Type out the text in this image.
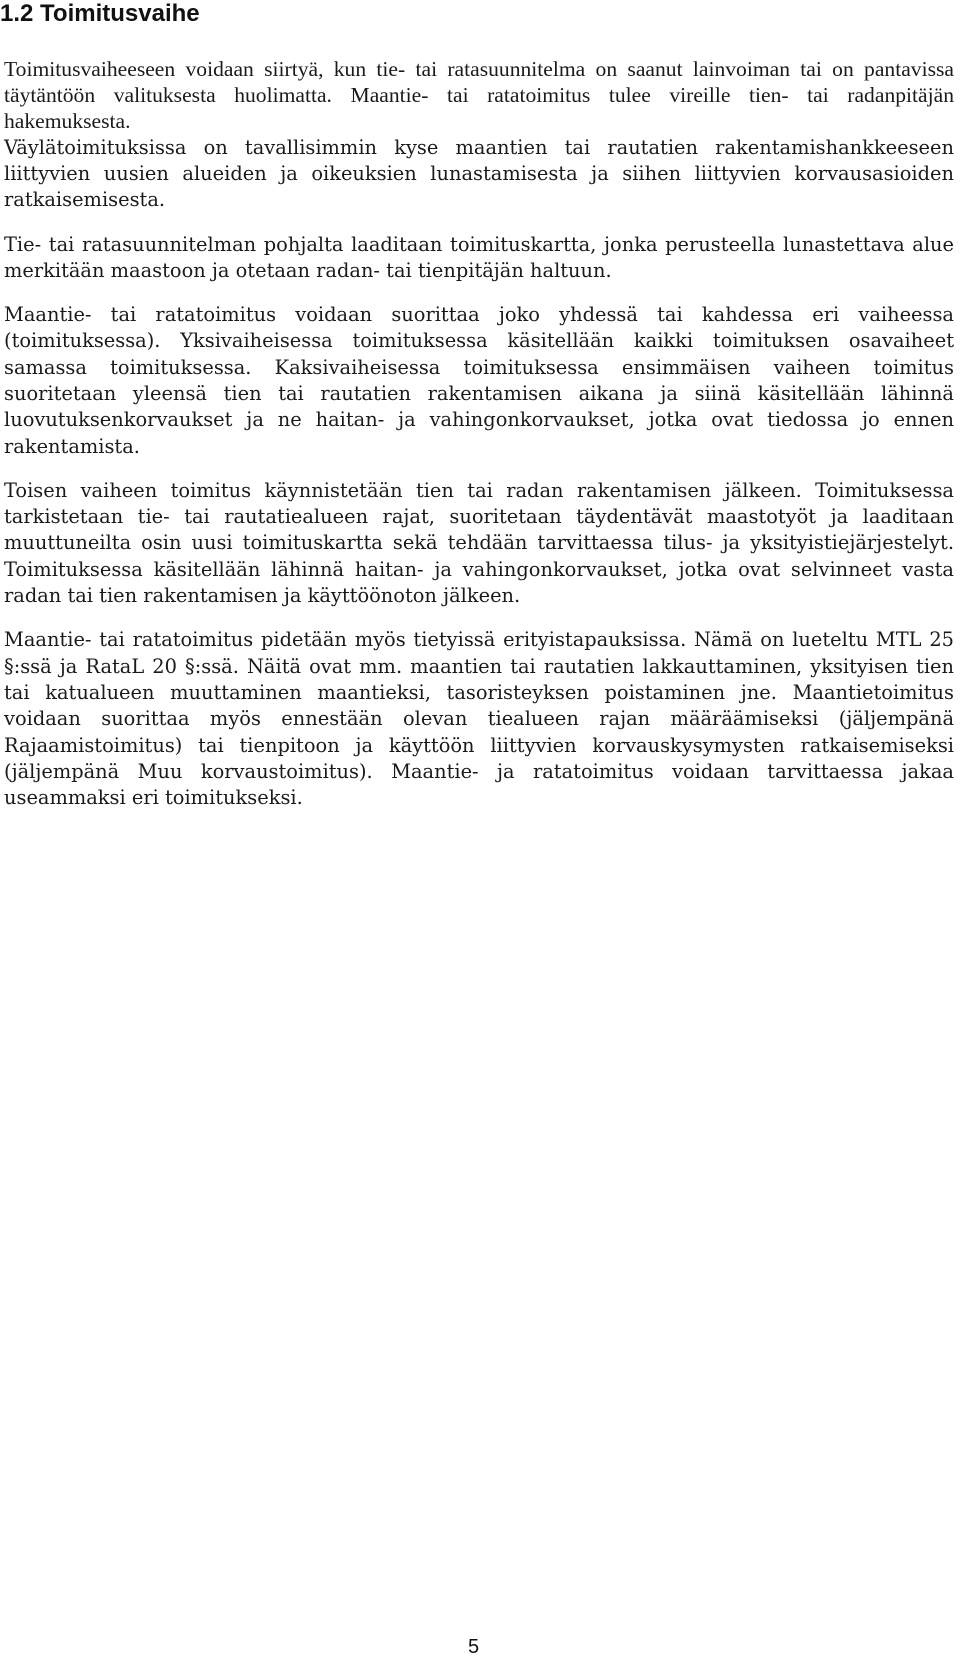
1.2 Toimitusvaihe

Toimitusvaiheeseen voidaan siirtyä, kun tie- tai ratasuunnitelma on saanut lainvoiman tai on pantavissa täytäntöön valituksesta huolimatta. Maantie- tai ratatoimitus tulee vireille tien- tai radanpitäjän hakemuksesta.

Väylätoimituksissa on tavallisimmin kyse maantien tai rautatien rakentamishankkeeseen liittyvien uusien alueiden ja oikeuksien lunastamisesta ja siihen liittyvien korvausasioiden ratkaisemisesta.

Tie- tai ratasuunnitelman pohjalta laaditaan toimituskartta, jonka perusteella lunastettava alue merkitään maastoon ja otetaan radan- tai tienpitäjän haltuun.

Maantie- tai ratatoimitus voidaan suorittaa joko yhdessä tai kahdessa eri vaiheessa (toimituksessa). Yksivaiheisessa toimituksessa käsitellään kaikki toimituksen osavaiheet samassa toimituksessa. Kaksivaiheisessa toimituksessa ensimmäisen vaiheen toimitus suoritetaan yleensä tien tai rautatien rakentamisen aikana ja siinä käsitellään lähinnä luovutuksenkorvaukset ja ne haitan- ja vahingonkorvaukset, jotka ovat tiedossa jo ennen rakentamista.

Toisen vaiheen toimitus käynnistetään tien tai radan rakentamisen jälkeen. Toimituksessa tarkistetaan tie- tai rautatiealueen rajat, suoritetaan täydentävät maastotyöt ja laaditaan muuttuneilta osin uusi toimituskartta sekä tehdään tarvittaessa tilus- ja yksityistiejärjestelyt. Toimituksessa käsitellään lähinnä haitan- ja vahingonkorvaukset, jotka ovat selvinneet vasta radan tai tien rakentamisen ja käyttöönoton jälkeen.

Maantie- tai ratatoimitus pidetään myös tietyissä erityistapauksissa. Nämä on lueteltu MTL 25 §:ssä ja RataL 20 §:ssä. Näitä ovat mm. maantien tai rautatien lakkauttaminen, yksityisen tien tai katualueen muuttaminen maantieksi, tasoristeyksen poistaminen jne. Maantietoimitus voidaan suorittaa myös ennestään olevan tiealueen rajan määräämiseksi (jäljempänä Rajaamistoimitus) tai tienpitoon ja käyttöön liittyvien korvauskysymysten ratkaisemiseksi (jäljempänä Muu korvaustoimitus). Maantie- ja ratatoimitus voidaan tarvittaessa jakaa useammaksi eri toimitukseksi.

5
